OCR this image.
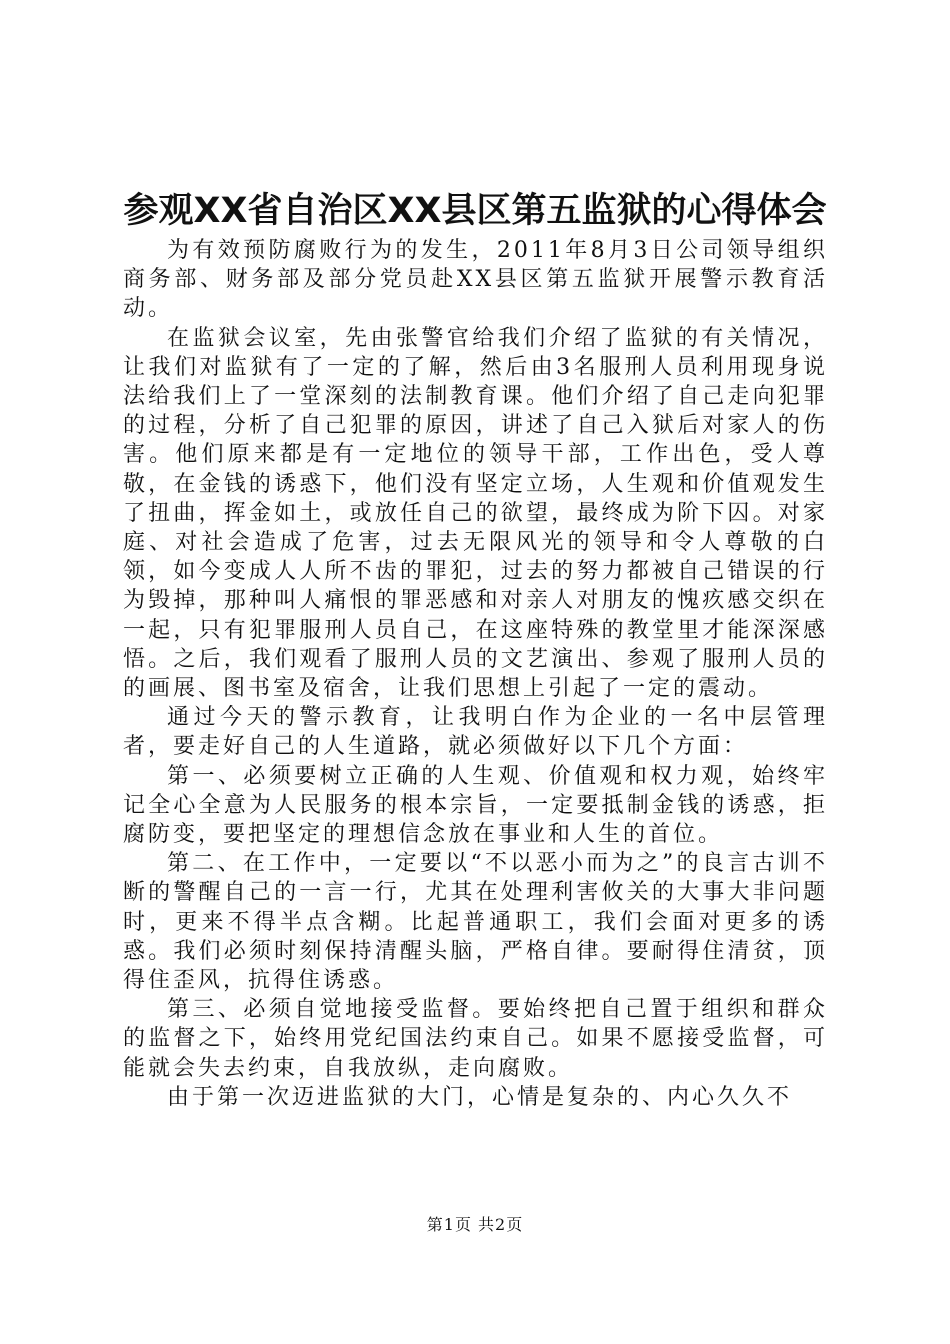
参观XX省自治区XX县区第五监狱的心得体会

为有效预防腐败行为的发生，2011年8月3日公司领导组织商务部、财务部及部分党员赴XX县区第五监狱开展警示教育活动。

在监狱会议室，先由张警官给我们介绍了监狱的有关情况，让我们对监狱有了一定的了解，然后由3名服刑人员利用现身说法给我们上了一堂深刻的法制教育课。他们介绍了自己走向犯罪的过程，分析了自己犯罪的原因，讲述了自己入狱后对家人的伤害。他们原来都是有一定地位的领导干部，工作出色，受人尊敬，在金钱的诱惑下，他们没有坚定立场，人生观和价值观发生了扭曲，挥金如土，或放任自己的欲望，最终成为阶下囚。对家庭、对社会造成了危害，过去无限风光的领导和令人尊敬的白领，如今变成人人所不齿的罪犯，过去的努力都被自己错误的行为毁掉，那种叫人痛恨的罪恶感和对亲人对朋友的愧疚感交织在一起，只有犯罪服刑人员自己，在这座特殊的教堂里才能深深感悟。之后，我们观看了服刑人员的文艺演出、参观了服刑人员的的画展、图书室及宿舍，让我们思想上引起了一定的震动。

通过今天的警示教育，让我明白作为企业的一名中层管理者，要走好自己的人生道路，就必须做好以下几个方面：

第一、必须要树立正确的人生观、价值观和权力观，始终牢记全心全意为人民服务的根本宗旨，一定要抵制金钱的诱惑，拒腐防变，要把坚定的理想信念放在事业和人生的首位。

第二、在工作中，一定要以“不以恶小而为之”的良言古训不断的警醒自己的一言一行，尤其在处理利害攸关的大事大非问题时，更来不得半点含糊。比起普通职工，我们会面对更多的诱惑。我们必须时刻保持清醒头脑，严格自律。要耐得住清贫，顶得住歪风，抗得住诱惑。

第三、必须自觉地接受监督。要始终把自己置于组织和群众的监督之下，始终用党纪国法约束自己。如果不愿接受监督，可能就会失去约束，自我放纵，走向腐败。

由于第一次迈进监狱的大门，心情是复杂的、内心久久不

第1页 共2页
